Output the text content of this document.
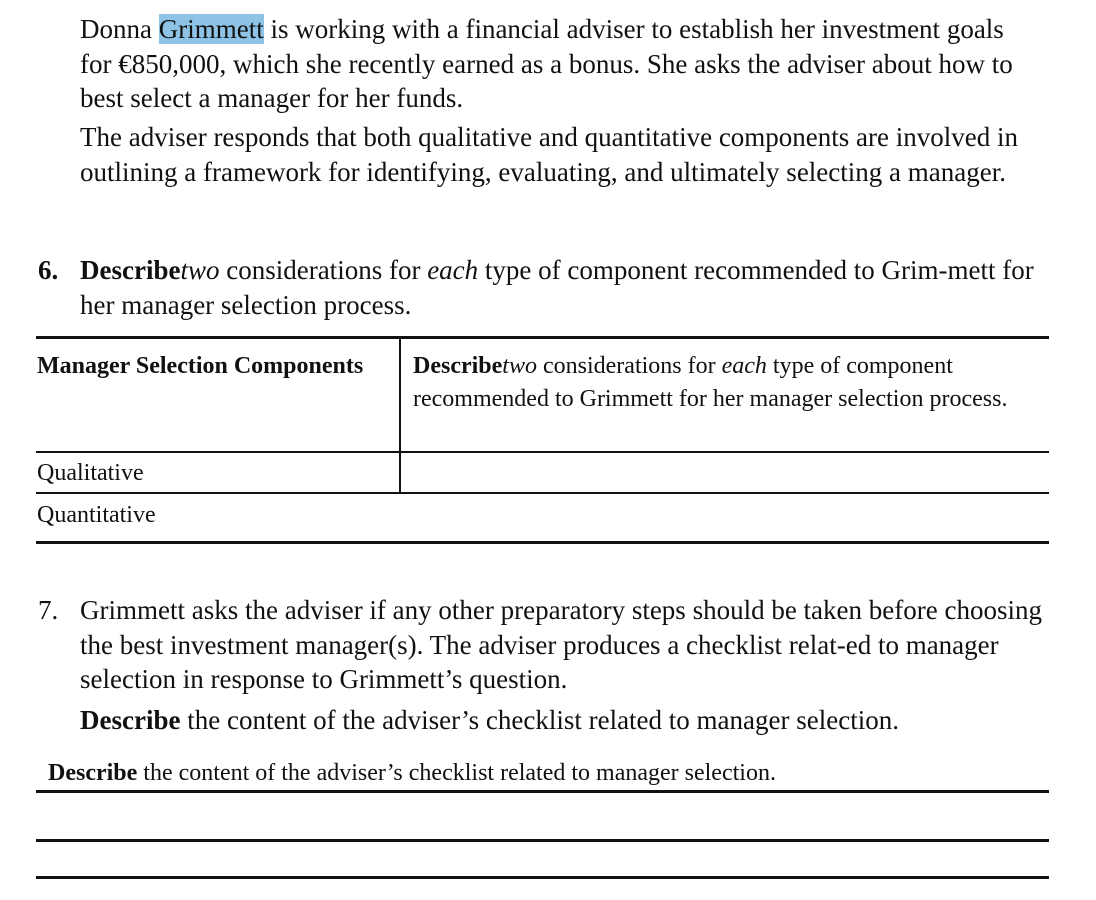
Donna Grimmett is working with a financial adviser to establish her investment goals for €850,000, which she recently earned as a bonus. She asks the adviser about how to best select a manager for her funds.
The adviser responds that both qualitative and quantitative components are involved in outlining a framework for identifying, evaluating, and ultimately selecting a manager.
6. Describetwo considerations for each type of component recommended to Grim-mett for her manager selection process.
Manager Selection Components	Describetwo considerations for each type of component recommended to Grimmett for her manager selection process.
Qualitative
Quantitative
7. Grimmett asks the adviser if any other preparatory steps should be taken before choosing the best investment manager(s). The adviser produces a checklist relat-ed to manager selection in response to Grimmett’s question.
Describe the content of the adviser’s checklist related to manager selection.
Describe the content of the adviser’s checklist related to manager selection.
